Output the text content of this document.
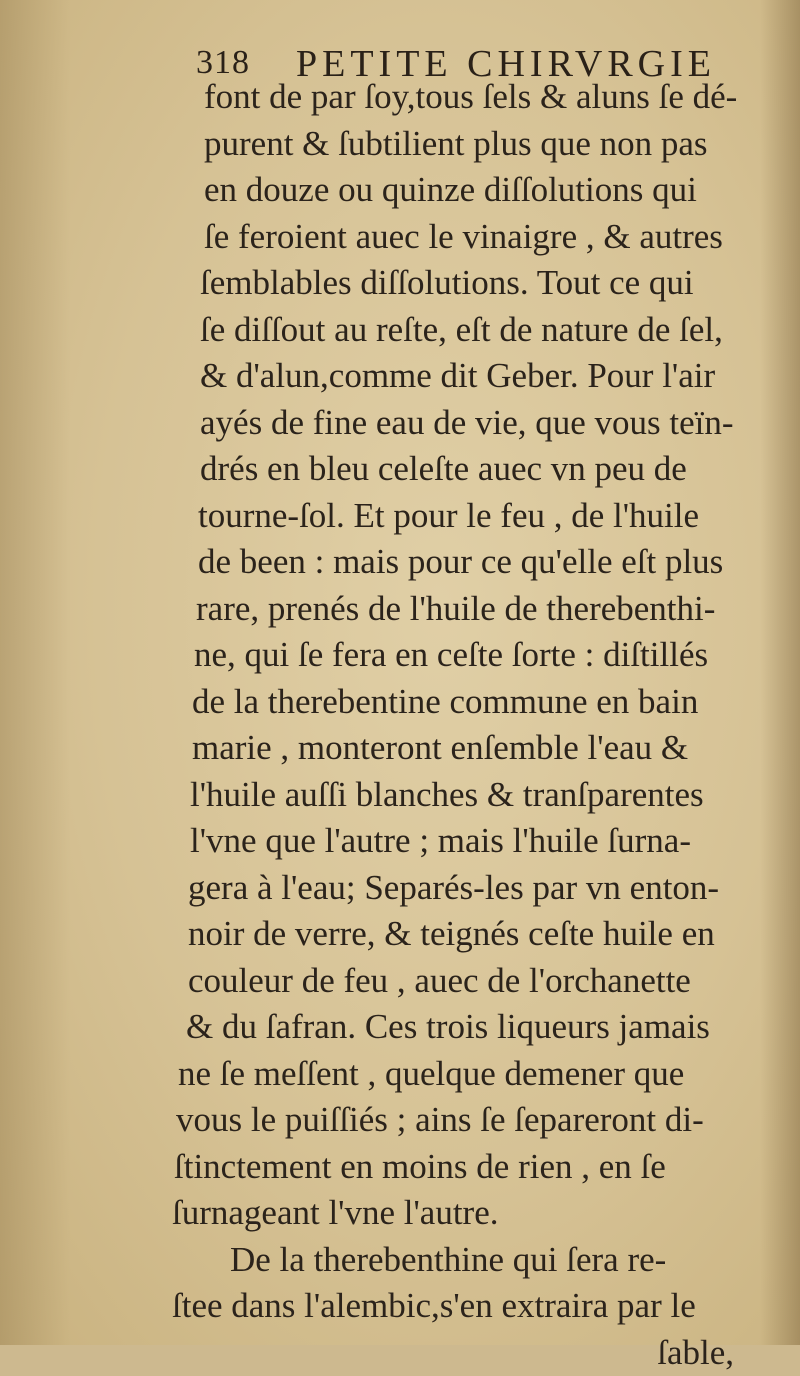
318 PETITE CHIRVRGIE
font de par ſoy,tous ſels & aluns ſe dé-
purent & ſubtilient plus que non pas
en douze ou quinze diſſolutions qui
ſe feroient auec le vinaigre , & autres
ſemblables diſſolutions. Tout ce qui
ſe diſſout au reſte, eſt de nature de ſel,
& d'alun,comme dit Geber. Pour l'air
ayés de fine eau de vie, que vous teïn-
drés en bleu celeſte auec vn peu de
tourne-ſol. Et pour le feu , de l'huile
de been : mais pour ce qu'elle eſt plus
rare, prenés de l'huile de therebenthi-
ne, qui ſe fera en ceſte ſorte : diſtillés
de la therebentine commune en bain
marie , monteront enſemble l'eau &
l'huile auſſi blanches & tranſparentes
l'vne que l'autre ; mais l'huile ſurna-
gera à l'eau; Separés-les par vn enton-
noir de verre, & teignés ceſte huile en
couleur de feu , auec de l'orchanette
& du ſafran. Ces trois liqueurs jamais
ne ſe meſſent , quelque demener que
vous le puiſſiés ; ains ſe ſepareront di-
ſtinctement en moins de rien , en ſe
ſurnageant l'vne l'autre.
De la therebenthine qui ſera re-
ſtee dans l'alembic,s'en extraira par le
ſable,
